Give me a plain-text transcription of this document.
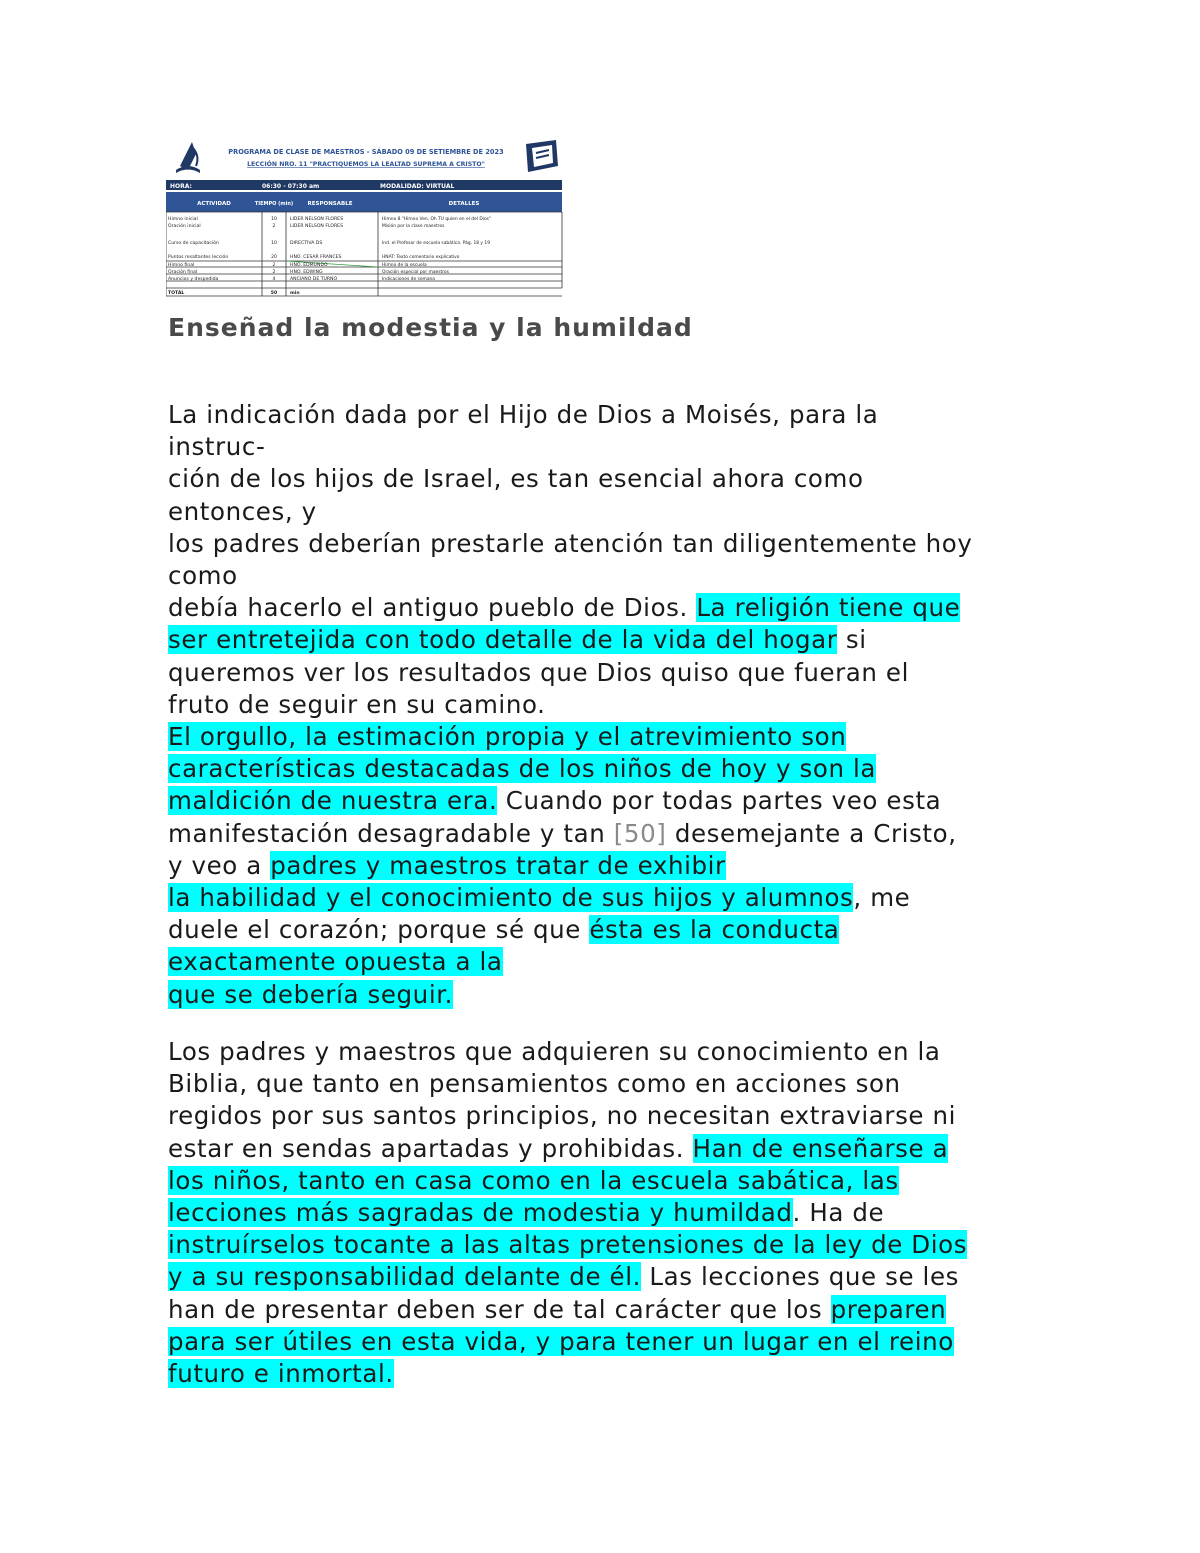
PROGRAMA DE CLASE DE MAESTROS - SÁBADO 09 DE SETIEMBRE DE 2023
LECCIÓN NRO. 11 "PRACTIQUEMOS LA LEALTAD SUPREMA A CRISTO"
HORA:	06:30 - 07:30 am	MODALIDAD: VIRTUAL
ACTIVIDAD	TIEMPO (min)	RESPONSABLE	DETALLES
Himno inicial	10	LIDER NELSON FLORES	Himno 8 "Himno Ven, Oh TU quien en el del Dios"
Oración inicial	2	LIDER NELSON FLORES	Misión por la clase maestros
Curso de capacitación	10	DIRECTIVA DS	Ind. el Profesor de escuela sabática. Pág. 18 y 19
Puntos resaltantes lección	20	HNO. CESAR FRANCES	HNAT: Texto comentario explicativo
Himno final	2	HNO. EDMUNDO	Himno de la escuela
Oración final	2	HNO. EDWING	Oración especial por maestros
Anuncios y despedida	4	ANCIANO DE TURNO	Indicaciones de semana
TOTAL	50	min
Enseñad la modestia y la humildad
La indicación dada por el Hijo de Dios a Moisés, para la
instruc-
ción de los hijos de Israel, es tan esencial ahora como
entonces, y
los padres deberían prestarle atención tan diligentemente hoy
como
debía hacerlo el antiguo pueblo de Dios. La religión tiene que
ser entretejida con todo detalle de la vida del hogar si
queremos ver los resultados que Dios quiso que fueran el
fruto de seguir en su camino.
El orgullo, la estimación propia y el atrevimiento son
características destacadas de los niños de hoy y son la
maldición de nuestra era. Cuando por todas partes veo esta
manifestación desagradable y tan [50] desemejante a Cristo,
y veo a padres y maestros tratar de exhibir
la habilidad y el conocimiento de sus hijos y alumnos, me
duele el corazón; porque sé que ésta es la conducta
exactamente opuesta a la
que se debería seguir.
Los padres y maestros que adquieren su conocimiento en la
Biblia, que tanto en pensamientos como en acciones son
regidos por sus santos principios, no necesitan extraviarse ni
estar en sendas apartadas y prohibidas. Han de enseñarse a
los niños, tanto en casa como en la escuela sabática, las
lecciones más sagradas de modestia y humildad. Ha de
instruírselos tocante a las altas pretensiones de la ley de Dios
y a su responsabilidad delante de él. Las lecciones que se les
han de presentar deben ser de tal carácter que los preparen
para ser útiles en esta vida, y para tener un lugar en el reino
futuro e inmortal.
